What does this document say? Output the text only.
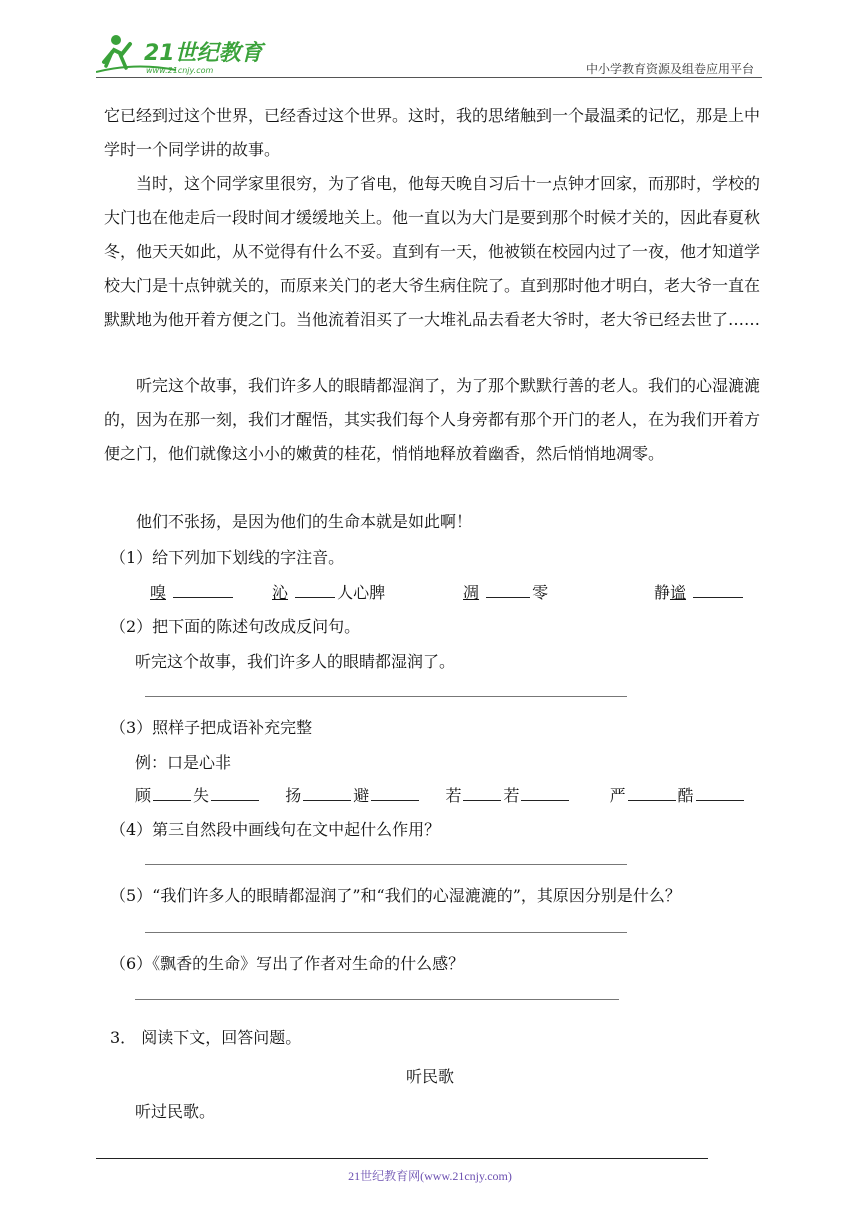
21世纪教育
www.21cnjy.com	中小学教育资源及组卷应用平台
它已经到过这个世界，已经香过这个世界。这时，我的思绪触到一个最温柔的记忆，那是上中学时一个同学讲的故事。
当时，这个同学家里很穷，为了省电，他每天晚自习后十一点钟才回家，而那时，学校的大门也在他走后一段时间才缓缓地关上。他一直以为大门是要到那个时候才关的，因此春夏秋冬，他天天如此，从不觉得有什么不妥。直到有一天，他被锁在校园内过了一夜，他才知道学校大门是十点钟就关的，而原来关门的老大爷生病住院了。直到那时他才明白，老大爷一直在默默地为他开着方便之门。当他流着泪买了一大堆礼品去看老大爷时，老大爷已经去世了……
听完这个故事，我们许多人的眼睛都湿润了，为了那个默默行善的老人。我们的心湿漉漉的，因为在那一刻，我们才醒悟，其实我们每个人身旁都有那个开门的老人，在为我们开着方便之门，他们就像这小小的嫩黄的桂花，悄悄地释放着幽香，然后悄悄地凋零。
他们不张扬，是因为他们的生命本就是如此啊！
（1）给下列加下划线的字注音。
嗅	沁	人心脾	凋	零	静谧
（2）把下面的陈述句改成反问句。
听完这个故事，我们许多人的眼睛都湿润了。
（3）照样子把成语补充完整
例：口是心非
顾	失	扬	避	若	若	严	酷
（4）第三自然段中画线句在文中起什么作用？
（5）“我们许多人的眼睛都湿润了”和“我们的心湿漉漉的”，其原因分别是什么？
（6）《飘香的生命》写出了作者对生命的什么感？
3． 阅读下文，回答问题。
听民歌
听过民歌。
21世纪教育网(www.21cnjy.com)
